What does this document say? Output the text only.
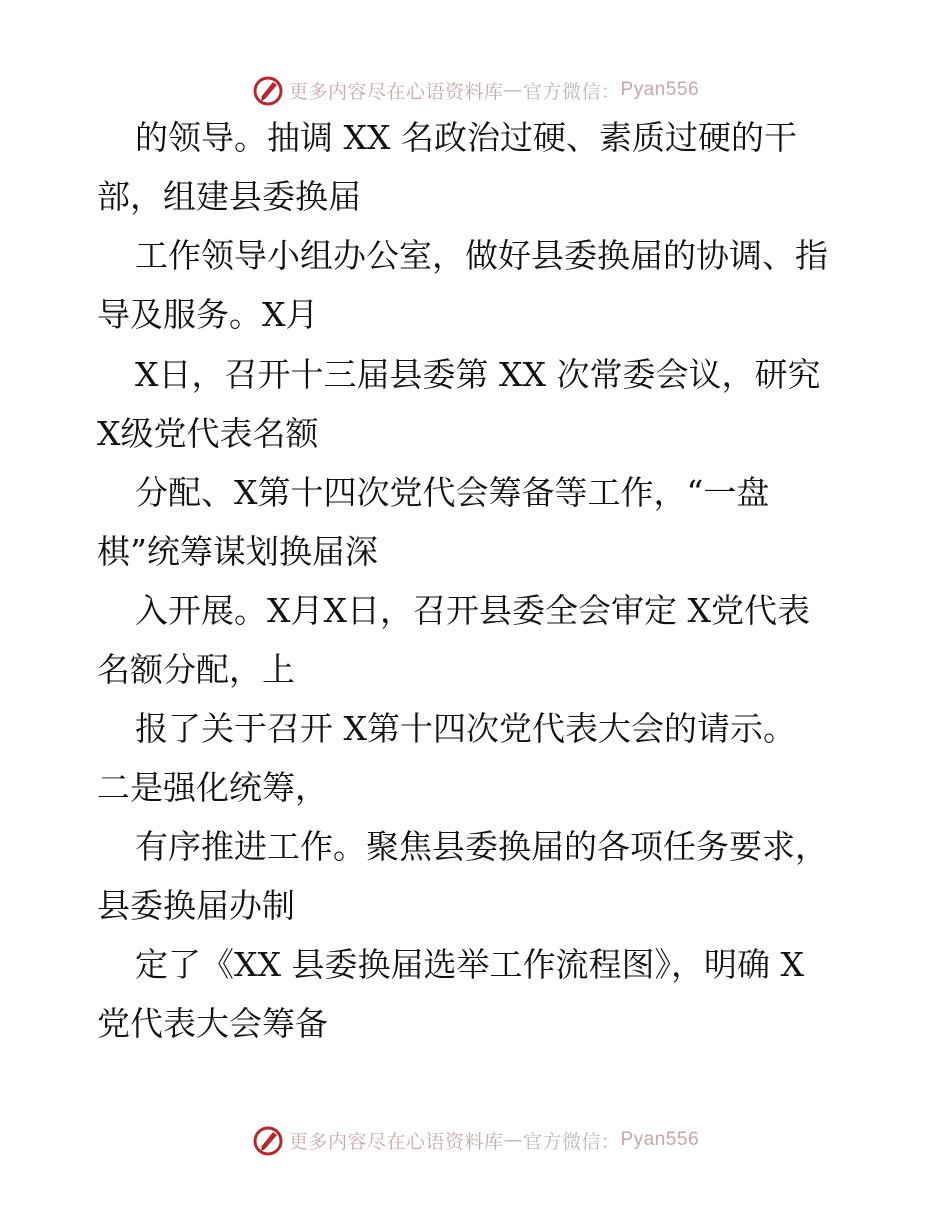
更多内容尽在心语资料库 — 官方微信： Pyan556
的领导。抽调 XX 名政治过硬、素质过硬的干
部，组建县委换届
工作领导小组办公室，做好县委换届的协调、指
导及服务。X月
X日，召开十三届县委第 XX 次常委会议，研究
X级党代表名额
分配、X第十四次党代会筹备等工作，“一盘
棋”统筹谋划换届深
入开展。X月X日，召开县委全会审定 X党代表
名额分配，上
报了关于召开 X第十四次党代表大会的请示。
二是强化统筹，
有序推进工作。聚焦县委换届的各项任务要求，
县委换届办制
定了《XX 县委换届选举工作流程图》，明确 X
党代表大会筹备
更多内容尽在心语资料库 — 官方微信： Pyan556
